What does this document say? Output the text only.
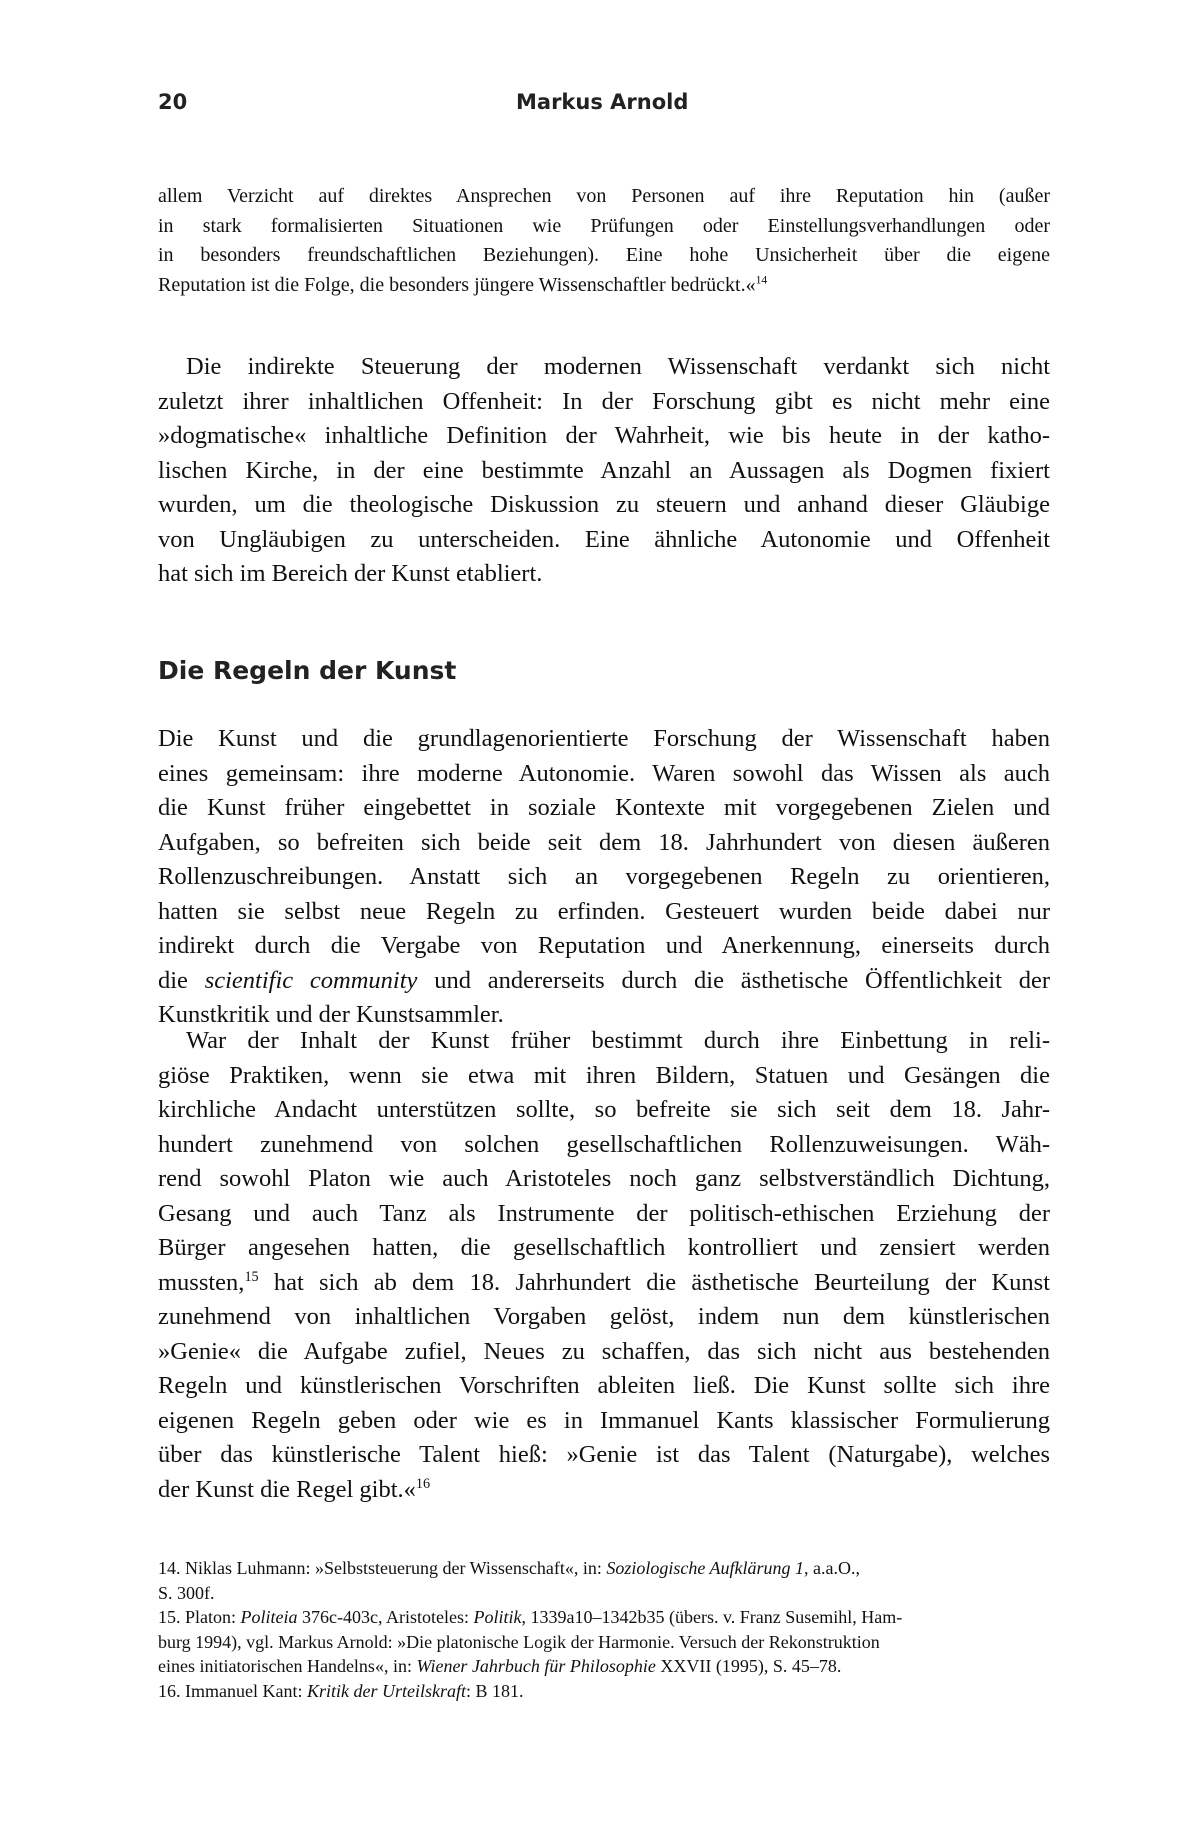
20	Markus Arnold
allem Verzicht auf direktes Ansprechen von Personen auf ihre Reputation hin (außer
in stark formalisierten Situationen wie Prüfungen oder Einstellungsverhandlungen oder
in besonders freundschaftlichen Beziehungen). Eine hohe Unsicherheit über die eigene
Reputation ist die Folge, die besonders jüngere Wissenschaftler bedrückt.«$^{14}$
Die indirekte Steuerung der modernen Wissenschaft verdankt sich nicht
zuletzt ihrer inhaltlichen Offenheit: In der Forschung gibt es nicht mehr eine
»dogmatische« inhaltliche Definition der Wahrheit, wie bis heute in der katho-
lischen Kirche, in der eine bestimmte Anzahl an Aussagen als Dogmen fixiert
wurden, um die theologische Diskussion zu steuern und anhand dieser Gläubige
von Ungläubigen zu unterscheiden. Eine ähnliche Autonomie und Offenheit
hat sich im Bereich der Kunst etabliert.
Die Regeln der Kunst
Die Kunst und die grundlagenorientierte Forschung der Wissenschaft haben
eines gemeinsam: ihre moderne Autonomie. Waren sowohl das Wissen als auch
die Kunst früher eingebettet in soziale Kontexte mit vorgegebenen Zielen und
Aufgaben, so befreiten sich beide seit dem 18. Jahrhundert von diesen äußeren
Rollenzuschreibungen. Anstatt sich an vorgegebenen Regeln zu orientieren,
hatten sie selbst neue Regeln zu erfinden. Gesteuert wurden beide dabei nur
indirekt durch die Vergabe von Reputation und Anerkennung, einerseits durch
die scientific community und andererseits durch die ästhetische Öffentlichkeit der
Kunstkritik und der Kunstsammler.
War der Inhalt der Kunst früher bestimmt durch ihre Einbettung in reli-
giöse Praktiken, wenn sie etwa mit ihren Bildern, Statuen und Gesängen die
kirchliche Andacht unterstützen sollte, so befreite sie sich seit dem 18. Jahr-
hundert zunehmend von solchen gesellschaftlichen Rollenzuweisungen. Wäh-
rend sowohl Platon wie auch Aristoteles noch ganz selbstverständlich Dichtung,
Gesang und auch Tanz als Instrumente der politisch-ethischen Erziehung der
Bürger angesehen hatten, die gesellschaftlich kontrolliert und zensiert werden
mussten,$^{15}$ hat sich ab dem 18. Jahrhundert die ästhetische Beurteilung der Kunst
zunehmend von inhaltlichen Vorgaben gelöst, indem nun dem künstlerischen
»Genie« die Aufgabe zufiel, Neues zu schaffen, das sich nicht aus bestehenden
Regeln und künstlerischen Vorschriften ableiten ließ. Die Kunst sollte sich ihre
eigenen Regeln geben oder wie es in Immanuel Kants klassischer Formulierung
über das künstlerische Talent hieß: »Genie ist das Talent (Naturgabe), welches
der Kunst die Regel gibt.«$^{16}$
14. Niklas Luhmann: »Selbststeuerung der Wissenschaft«, in: Soziologische Aufklärung 1, a.a.O.,
S. 300f.
15. Platon: Politeia 376c-403c, Aristoteles: Politik, 1339a10–1342b35 (übers. v. Franz Susemihl, Ham-
burg 1994), vgl. Markus Arnold: »Die platonische Logik der Harmonie. Versuch der Rekonstruktion
eines initiatorischen Handelns«, in: Wiener Jahrbuch für Philosophie XXVII (1995), S. 45–78.
16. Immanuel Kant: Kritik der Urteilskraft: B 181.
